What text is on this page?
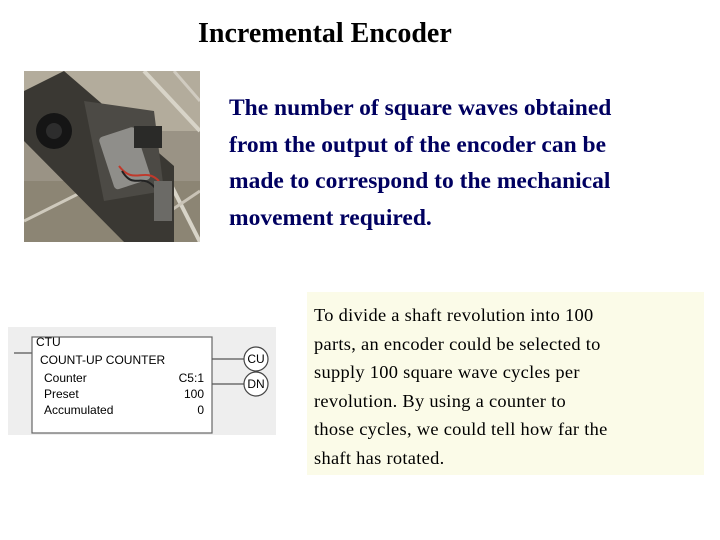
Incremental Encoder
The number of square waves obtained
from the output of the encoder can be
made to correspond to the mechanical
movement required.
CTU
COUNT-UP COUNTER
Counter	C5:1
Preset	100
Accumulated	0
CU
DN
To divide a shaft revolution into 100
parts, an encoder could be selected to
supply 100 square wave cycles per
revolution. By using a counter to
those cycles, we could tell how far the
shaft has rotated.
